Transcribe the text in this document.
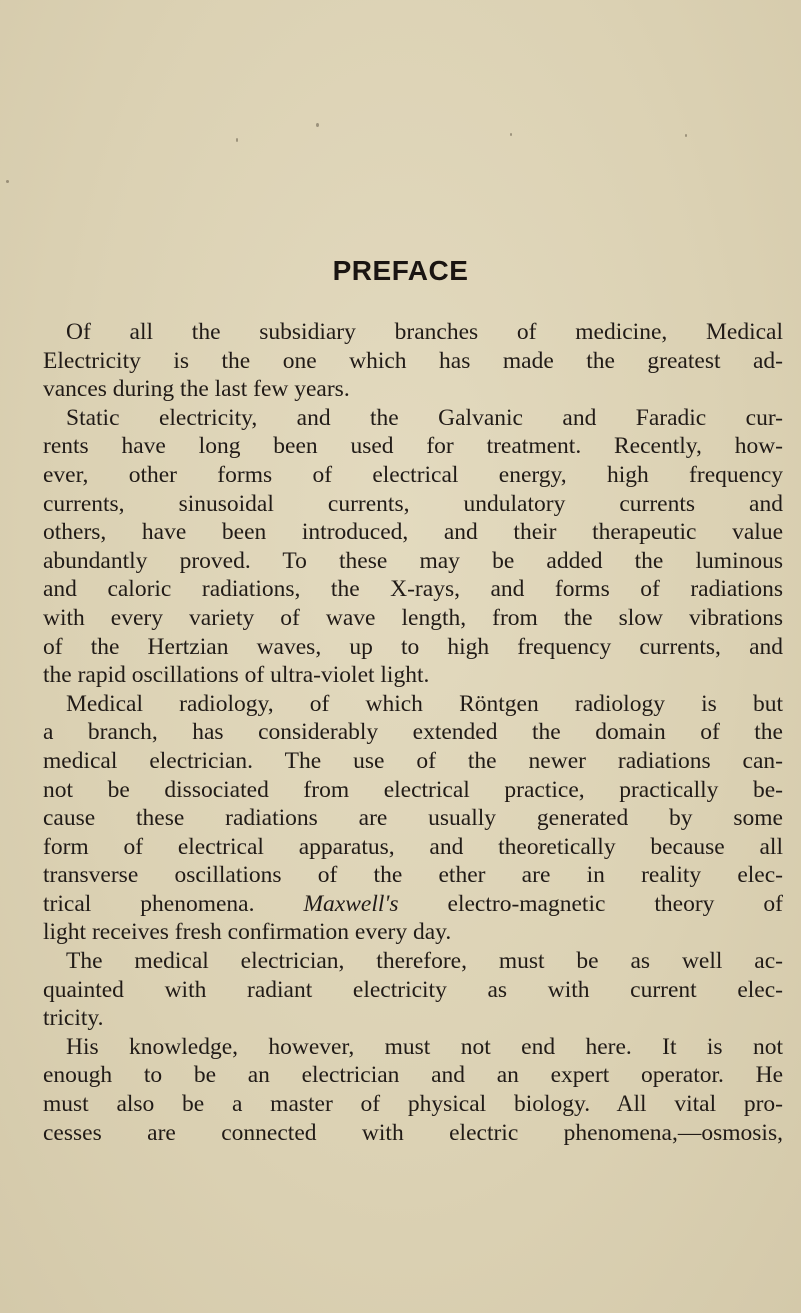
PREFACE
Of all the subsidiary branches of medicine, Medical
Electricity is the one which has made the greatest ad-
vances during the last few years.
Static electricity, and the Galvanic and Faradic cur-
rents have long been used for treatment. Recently, how-
ever, other forms of electrical energy, high frequency
currents, sinusoidal currents, undulatory currents and
others, have been introduced, and their therapeutic value
abundantly proved. To these may be added the luminous
and caloric radiations, the X-rays, and forms of radiations
with every variety of wave length, from the slow vibrations
of the Hertzian waves, up to high frequency currents, and
the rapid oscillations of ultra-violet light.
Medical radiology, of which Röntgen radiology is but
a branch, has considerably extended the domain of the
medical electrician. The use of the newer radiations can-
not be dissociated from electrical practice, practically be-
cause these radiations are usually generated by some
form of electrical apparatus, and theoretically because all
transverse oscillations of the ether are in reality elec-
trical phenomena. Maxwell's electro-magnetic theory of
light receives fresh confirmation every day.
The medical electrician, therefore, must be as well ac-
quainted with radiant electricity as with current elec-
tricity.
His knowledge, however, must not end here. It is not
enough to be an electrician and an expert operator. He
must also be a master of physical biology. All vital pro-
cesses are connected with electric phenomena,—osmosis,
